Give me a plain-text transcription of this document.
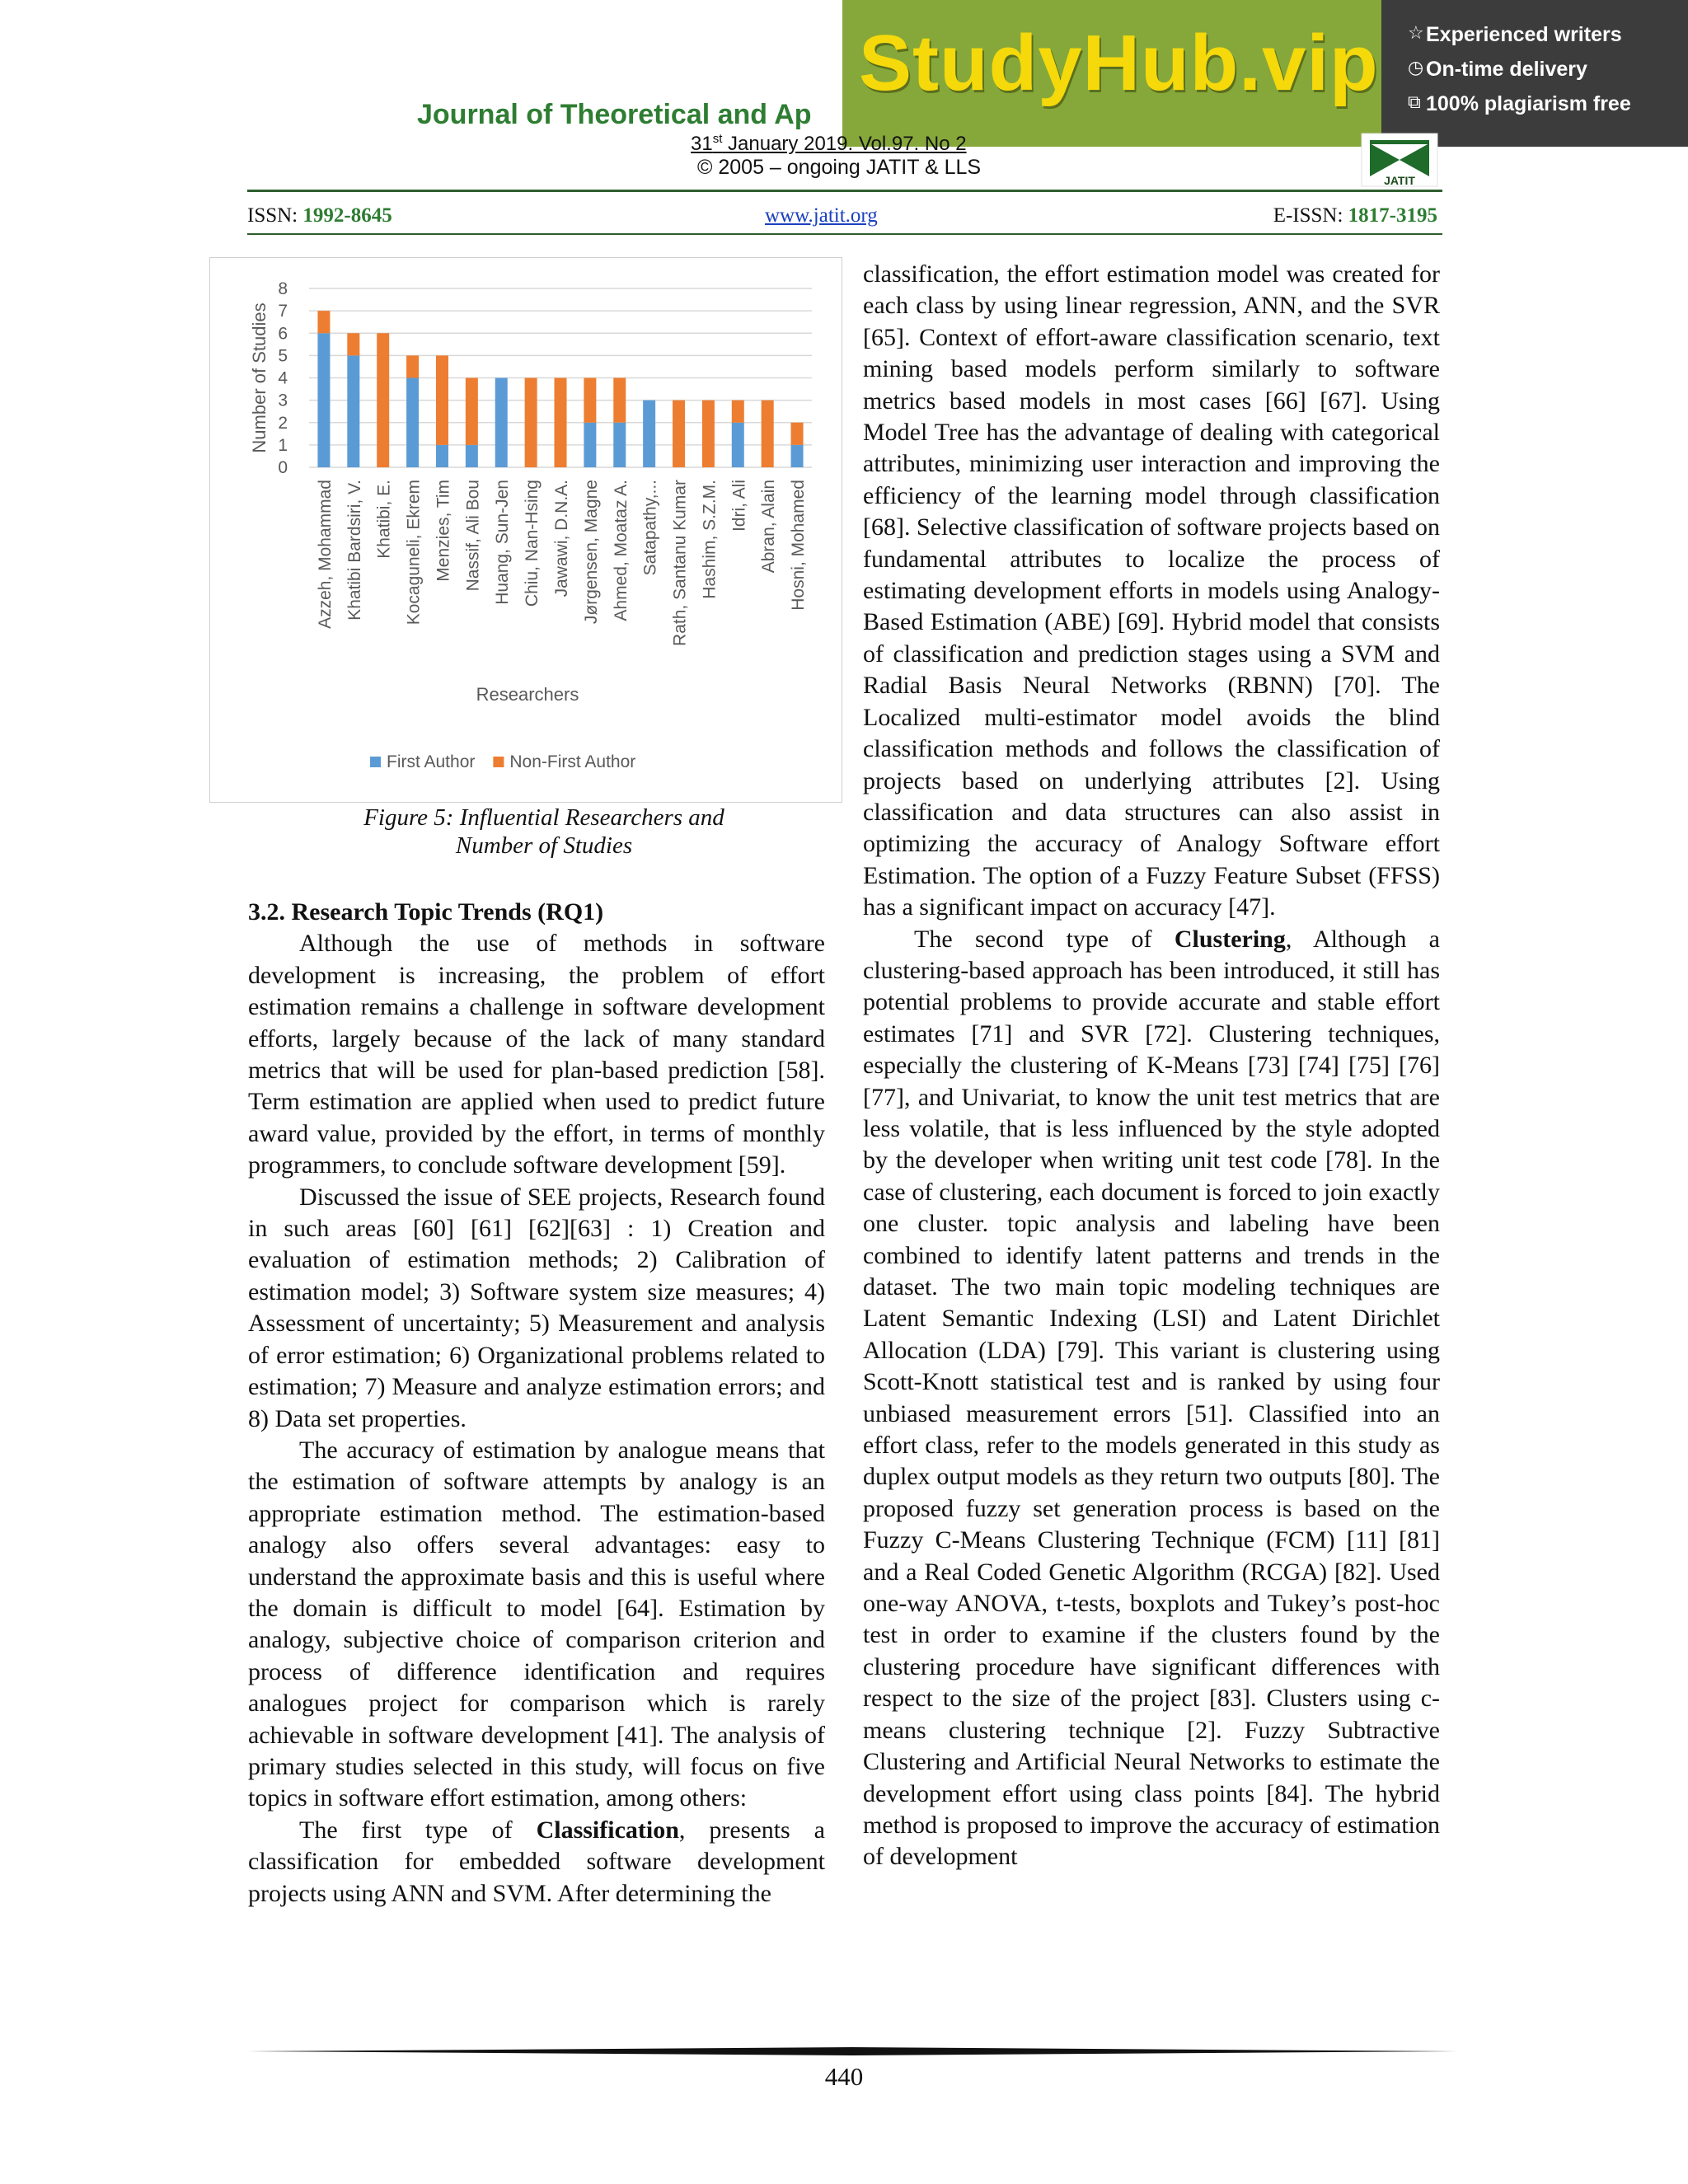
StudyHub.vip ☆ Experienced writers
◷ On-time delivery
⧉ 100% plagiarism free
Journal of Theoretical and Ap
31st January 2019. Vol.97. No 2
© 2005 – ongoing JATIT & LLS
JATIT
ISSN: 1992-8645	www.jatit.org	E-ISSN: 1817-3195
0
1
2
3
4
5
6
7
8
Number of Studies
Azzeh, Mohammad Khatibi Bardsiri, V. Khatibi, E. Kocaguneli, Ekrem Menzies, Tim Nassif, Ali Bou Huang, Sun-Jen Chiu, Nan-Hsing Jawawi, D.N.A. Jørgensen, Magne Ahmed, Moataz A. Satapathy,... Rath, Santanu Kumar Hashim, S.Z.M. Idri, Ali Abran, Alain Hosni, Mohamed
Researchers
First Author Non-First Author
Figure 5: Influential Researchers and
Number of Studies

3.2. Research Topic Trends (RQ1)

Although the use of methods in software development is increasing, the problem of effort estimation remains a challenge in software development efforts, largely because of the lack of many standard metrics that will be used for plan-based prediction [58]. Term estimation are applied when used to predict future award value, provided by the effort, in terms of monthly programmers, to conclude software development [59].

Discussed the issue of SEE projects, Research found in such areas [60] [61] [62][63] : 1) Creation and evaluation of estimation methods; 2) Calibration of estimation model; 3) Software system size measures; 4) Assessment of uncertainty; 5) Measurement and analysis of error estimation; 6) Organizational problems related to estimation; 7) Measure and analyze estimation errors; and 8) Data set properties.

The accuracy of estimation by analogue means that the estimation of software attempts by analogy is an appropriate estimation method. The estimation-based analogy also offers several advantages: easy to understand the approximate basis and this is useful where the domain is difficult to model [64]. Estimation by analogy, subjective choice of comparison criterion and process of difference identification and requires analogues project for comparison which is rarely achievable in software development [41]. The analysis of primary studies selected in this study, will focus on five topics in software effort estimation, among others:

The first type of Classification, presents a classification for embedded software development projects using ANN and SVM. After determining the

classification, the effort estimation model was created for each class by using linear regression, ANN, and the SVR [65]. Context of effort-aware classification scenario, text mining based models perform similarly to software metrics based models in most cases [66] [67]. Using Model Tree has the advantage of dealing with categorical attributes, minimizing user interaction and improving the efficiency of the learning model through classification [68]. Selective classification of software projects based on fundamental attributes to localize the process of estimating development efforts in models using Analogy-Based Estimation (ABE) [69]. Hybrid model that consists of classification and prediction stages using a SVM and Radial Basis Neural Networks (RBNN) [70]. The Localized multi-estimator model avoids the blind classification methods and follows the classification of projects based on underlying attributes [2]. Using classification and data structures can also assist in optimizing the accuracy of Analogy Software effort Estimation. The option of a Fuzzy Feature Subset (FFSS) has a significant impact on accuracy [47].

The second type of Clustering, Although a clustering-based approach has been introduced, it still has potential problems to provide accurate and stable effort estimates [71] and SVR [72]. Clustering techniques, especially the clustering of K-Means [73] [74] [75] [76] [77], and Univariat, to know the unit test metrics that are less volatile, that is less influenced by the style adopted by the developer when writing unit test code [78]. In the case of clustering, each document is forced to join exactly one cluster. topic analysis and labeling have been combined to identify latent patterns and trends in the dataset. The two main topic modeling techniques are Latent Semantic Indexing (LSI) and Latent Dirichlet Allocation (LDA) [79]. This variant is clustering using Scott-Knott statistical test and is ranked by using four unbiased measurement errors [51]. Classified into an effort class, refer to the models generated in this study as duplex output models as they return two outputs [80]. The proposed fuzzy set generation process is based on the Fuzzy C-Means Clustering Technique (FCM) [11] [81] and a Real Coded Genetic Algorithm (RCGA) [82]. Used one-way ANOVA, t-tests, boxplots and Tukey’s post-hoc test in order to examine if the clusters found by the clustering procedure have significant differences with respect to the size of the project [83]. Clusters using c-means clustering technique [2]. Fuzzy Subtractive Clustering and Artificial Neural Networks to estimate the development effort using class points [84]. The hybrid method is proposed to improve the accuracy of estimation of development

440
